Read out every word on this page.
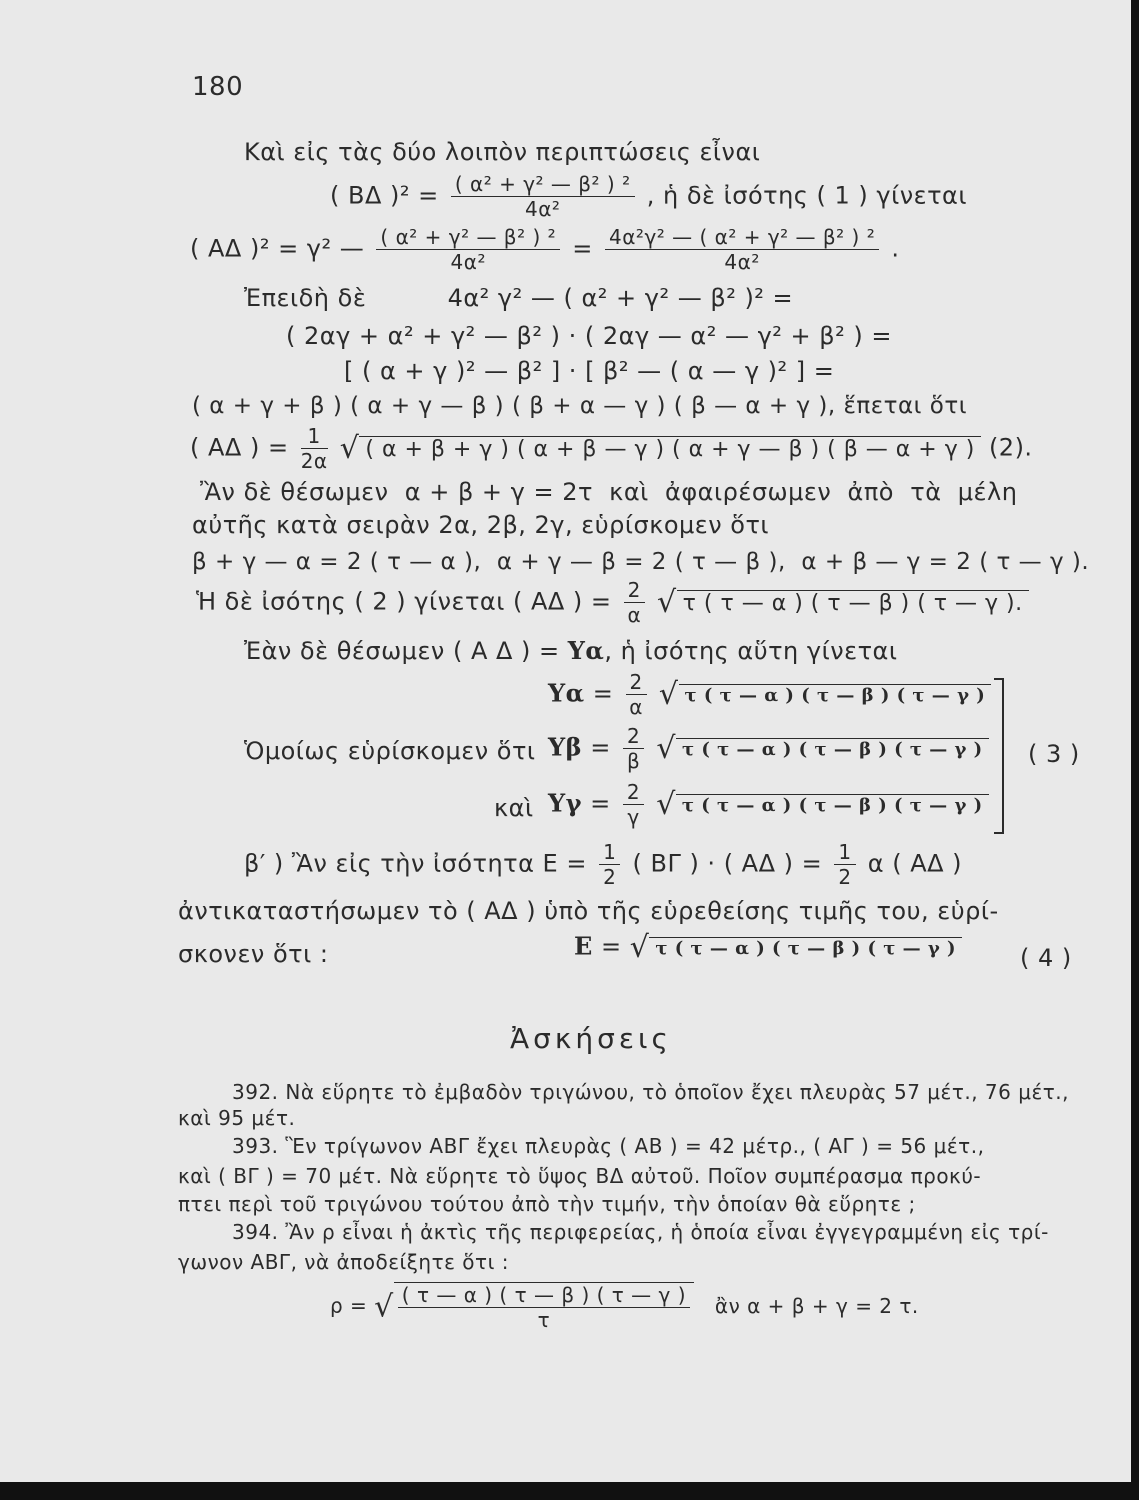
180
Καὶ εἰς τὰς δύο λοιπὸν περιπτώσεις εἶναι
( ΒΔ )$^2 = \frac{\text{( α² + γ² — β² ) ²}}{\text{4α²}}$ , ἡ δὲ ἰσότης ( 1 ) γίνεται
( ΑΔ )² = γ² — $\frac{\text{( α² + γ² — β² ) ²}}{\text{4α²}} = \frac{\text{4α²γ² — ( α² + γ² — β² ) ²}}{\text{4α²}}$ .
Ἐπειδὴ δὲ          4α² γ² — ( α² + γ² — β² )² =
( 2αγ + α² + γ² — β² ) · ( 2αγ — α² — γ² + β² ) =
[ ( α + γ )² — β² ] · [ β² — ( α — γ )² ] =
( α + γ + β ) ( α + γ — β ) ( β + α — γ ) ( β — α + γ ), ἕπεται ὅτι
( ΑΔ ) = $\frac{1}{2\alpha}$ √ ( α + β + γ ) ( α + β — γ ) ( α + γ — β ) ( β — α + γ ) (2).
Ἂν δὲ θέσωμεν  α + β + γ = 2τ  καὶ  ἀφαιρέσωμεν  ἀπὸ  τὰ  μέλη
αὐτῆς κατὰ σειρὰν 2α, 2β, 2γ, εὑρίσκομεν ὅτι
β + γ — α = 2 ( τ — α ),  α + γ — β = 2 ( τ — β ),  α + β — γ = 2 ( τ — γ ).
Ἡ δὲ ἰσότης ( 2 ) γίνεται ( ΑΔ ) = $\frac{2}{\alpha}$ √ τ ( τ — α ) ( τ — β ) ( τ — γ ).
Ἐὰν δὲ θέσωμεν ( Α Δ ) = Υα, ἡ ἰσότης αὕτη γίνεται
$\Upsilon\alpha = \frac{2}{\alpha}$ √ τ ( τ — α ) ( τ — β ) ( τ — γ )
Ὁμοίως εὑρίσκομεν ὅτι $\Upsilon\beta = \frac{2}{\beta}$ √ τ ( τ — α ) ( τ — β ) ( τ — γ )
καὶ $\Upsilon\gamma = \frac{2}{\gamma}$ √ τ ( τ — α ) ( τ — β ) ( τ — γ )
( 3 )
β′ ) Ἂν εἰς τὴν ἰσότητα $E = \frac{1}{2}$ ( ΒΓ ) · ( ΑΔ ) = $\frac{1}{2}$ α ( ΑΔ )
ἀντικαταστήσωμεν τὸ ( ΑΔ ) ὑπὸ τῆς εὑρεθείσης τιμῆς του, εὑρί-
σκονεν ὅτι :	Ε = √ τ ( τ — α ) ( τ — β ) ( τ — γ )	( 4 )
Ἀσκήσεις
392. Νὰ εὕρητε τὸ ἐμβαδὸν τριγώνου, τὸ ὁποῖον ἔχει πλευρὰς 57 μέτ., 76 μέτ.,
καὶ 95 μέτ.
393. Ἓν τρίγωνον ΑΒΓ ἔχει πλευρὰς ( ΑΒ ) = 42 μέτρ., ( ΑΓ ) = 56 μέτ.,
καὶ ( ΒΓ ) = 70 μέτ. Νὰ εὕρητε τὸ ὕψος ΒΔ αὐτοῦ. Ποῖον συμπέρασμα προκύ-
πτει περὶ τοῦ τριγώνου τούτου ἀπὸ τὴν τιμήν, τὴν ὁποίαν θὰ εὕρητε ;
394. Ἂν ρ εἶναι ἡ ἀκτὶς τῆς περιφερείας, ἡ ὁποία εἶναι ἐγγεγραμμένη εἰς τρί-
γωνον ΑΒΓ, νὰ ἀποδείξητε ὅτι :
ρ = √ $\frac{( \tau — \alpha ) ( \tau — \beta ) ( \tau — \gamma )}{\tau}$ ἂν α + β + γ = 2 τ.
